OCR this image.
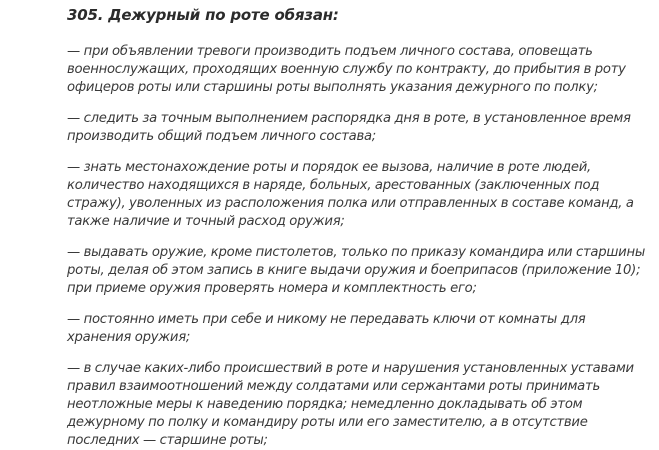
305. Дежурный по роте обязан:
— при объявлении тревоги производить подъем личного состава, оповещать военнослужащих, проходящих военную службу по контракту, до прибытия в роту офицеров роты или старшины роты выполнять указания дежурного по полку;
— следить за точным выполнением распорядка дня в роте, в установленное время производить общий подъем личного состава;
— знать местонахождение роты и порядок ее вызова, наличие в роте людей, количество находящихся в наряде, больных, арестованных (заключенных под стражу), уволенных из расположения полка или отправленных в составе команд, а также наличие и точный расход оружия;
— выдавать оружие, кроме пистолетов, только по приказу командира или старшины роты, делая об этом запись в книге выдачи оружия и боеприпасов (приложение 10); при приеме оружия проверять номера и комплектность его;
— постоянно иметь при себе и никому не передавать ключи от комнаты для хранения оружия;
— в случае каких-либо происшествий в роте и нарушения установленных уставами правил взаимоотношений между солдатами или сержантами роты принимать неотложные меры к наведению порядка; немедленно докладывать об этом дежурному по полку и командиру роты или его заместителю, а в отсутствие последних — старшине роты;
